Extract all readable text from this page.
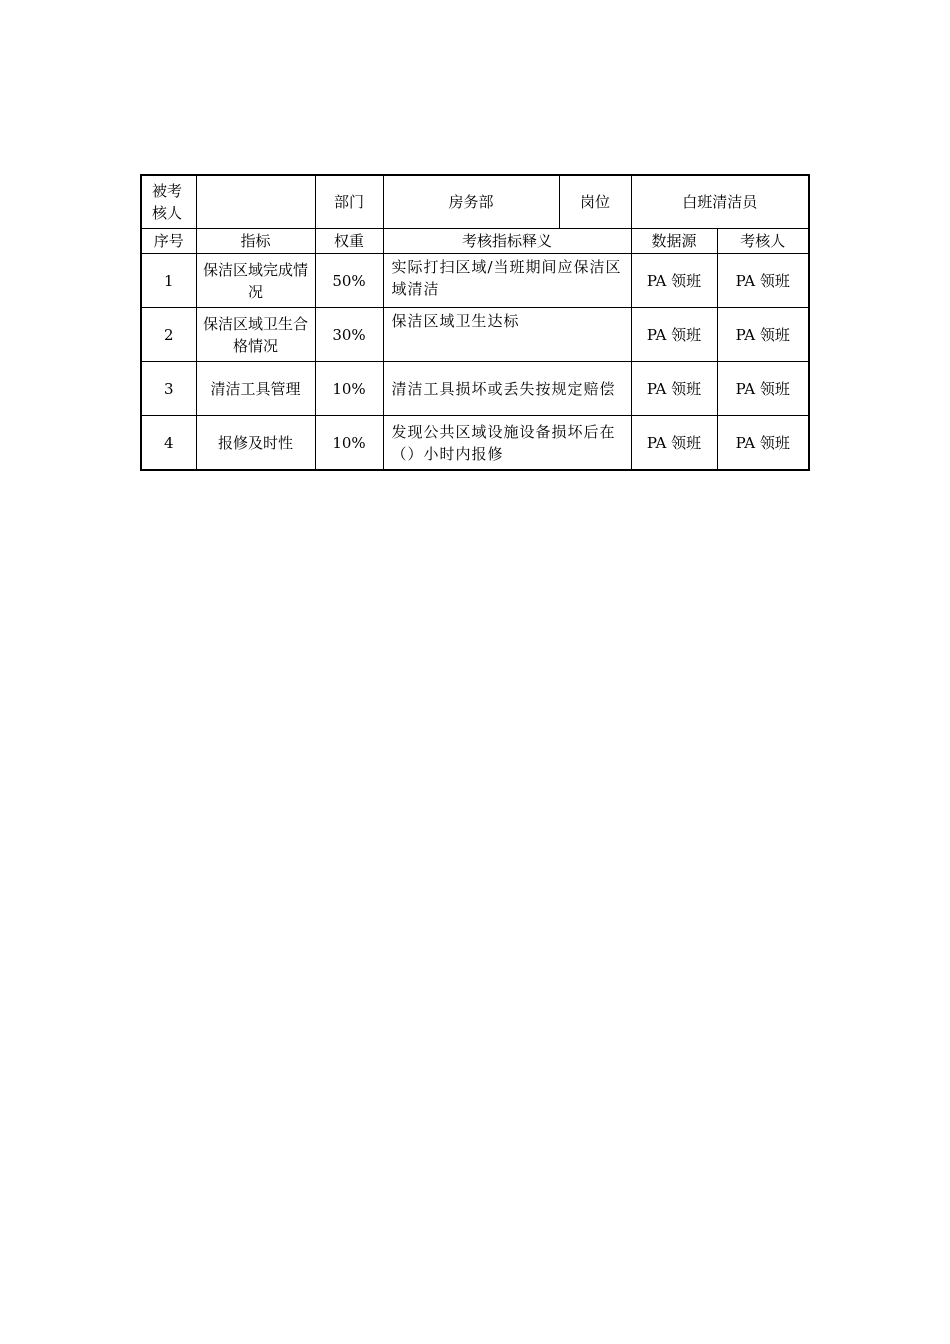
被考核人		部门	房务部	岗位	白班清洁员	
序号	指标	权重	考核指标释义		数据源	考核人
1	保洁区域完成情况	50%	实际打扫区域/当班期间应保洁区域清洁		PA 领班	PA 领班
2	保洁区域卫生合格情况	30%	保洁区域卫生达标		PA 领班	PA 领班
3	清洁工具管理	10%	清洁工具损坏或丢失按规定赔偿		PA 领班	PA 领班
4	报修及时性	10%	发现公共区域设施设备损坏后在（）小时内报修		PA 领班	PA 领班
